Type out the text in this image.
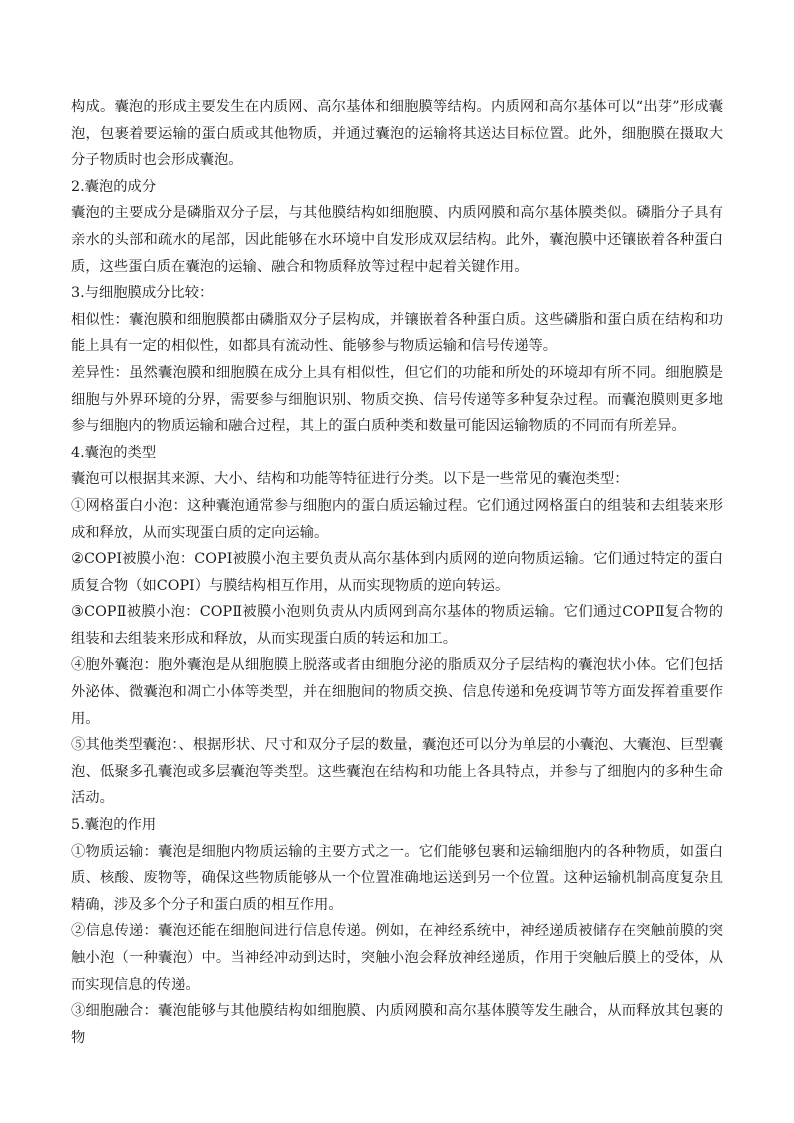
构成。囊泡的形成主要发生在内质网、高尔基体和细胞膜等结构。内质网和高尔基体可以“出芽”形成囊泡，包裹着要运输的蛋白质或其他物质，并通过囊泡的运输将其送达目标位置。此外，细胞膜在摄取大分子物质时也会形成囊泡。

2.囊泡的成分

囊泡的主要成分是磷脂双分子层，与其他膜结构如细胞膜、内质网膜和高尔基体膜类似。磷脂分子具有亲水的头部和疏水的尾部，因此能够在水环境中自发形成双层结构。此外，囊泡膜中还镶嵌着各种蛋白质，这些蛋白质在囊泡的运输、融合和物质释放等过程中起着关键作用。

3.与细胞膜成分比较：

相似性：囊泡膜和细胞膜都由磷脂双分子层构成，并镶嵌着各种蛋白质。这些磷脂和蛋白质在结构和功能上具有一定的相似性，如都具有流动性、能够参与物质运输和信号传递等。

差异性：虽然囊泡膜和细胞膜在成分上具有相似性，但它们的功能和所处的环境却有所不同。细胞膜是细胞与外界环境的分界，需要参与细胞识别、物质交换、信号传递等多种复杂过程。而囊泡膜则更多地参与细胞内的物质运输和融合过程，其上的蛋白质种类和数量可能因运输物质的不同而有所差异。

4.囊泡的类型

囊泡可以根据其来源、大小、结构和功能等特征进行分类。以下是一些常见的囊泡类型：

①网格蛋白小泡：这种囊泡通常参与细胞内的蛋白质运输过程。它们通过网格蛋白的组装和去组装来形成和释放，从而实现蛋白质的定向运输。

②COPⅠ被膜小泡：COPⅠ被膜小泡主要负责从高尔基体到内质网的逆向物质运输。它们通过特定的蛋白质复合物（如COPⅠ）与膜结构相互作用，从而实现物质的逆向转运。

③COPⅡ被膜小泡：COPⅡ被膜小泡则负责从内质网到高尔基体的物质运输。它们通过COPⅡ复合物的组装和去组装来形成和释放，从而实现蛋白质的转运和加工。

④胞外囊泡：胞外囊泡是从细胞膜上脱落或者由细胞分泌的脂质双分子层结构的囊泡状小体。它们包括外泌体、微囊泡和凋亡小体等类型，并在细胞间的物质交换、信息传递和免疫调节等方面发挥着重要作用。

⑤其他类型囊泡：、根据形状、尺寸和双分子层的数量，囊泡还可以分为单层的小囊泡、大囊泡、巨型囊泡、低聚多孔囊泡或多层囊泡等类型。这些囊泡在结构和功能上各具特点，并参与了细胞内的多种生命活动。

5.囊泡的作用

①物质运输：囊泡是细胞内物质运输的主要方式之一。它们能够包裹和运输细胞内的各种物质，如蛋白质、核酸、废物等，确保这些物质能够从一个位置准确地运送到另一个位置。这种运输机制高度复杂且精确，涉及多个分子和蛋白质的相互作用。

②信息传递：囊泡还能在细胞间进行信息传递。例如，在神经系统中，神经递质被储存在突触前膜的突触小泡（一种囊泡）中。当神经冲动到达时，突触小泡会释放神经递质，作用于突触后膜上的受体，从而实现信息的传递。

③细胞融合：囊泡能够与其他膜结构如细胞膜、内质网膜和高尔基体膜等发生融合，从而释放其包裹的物
